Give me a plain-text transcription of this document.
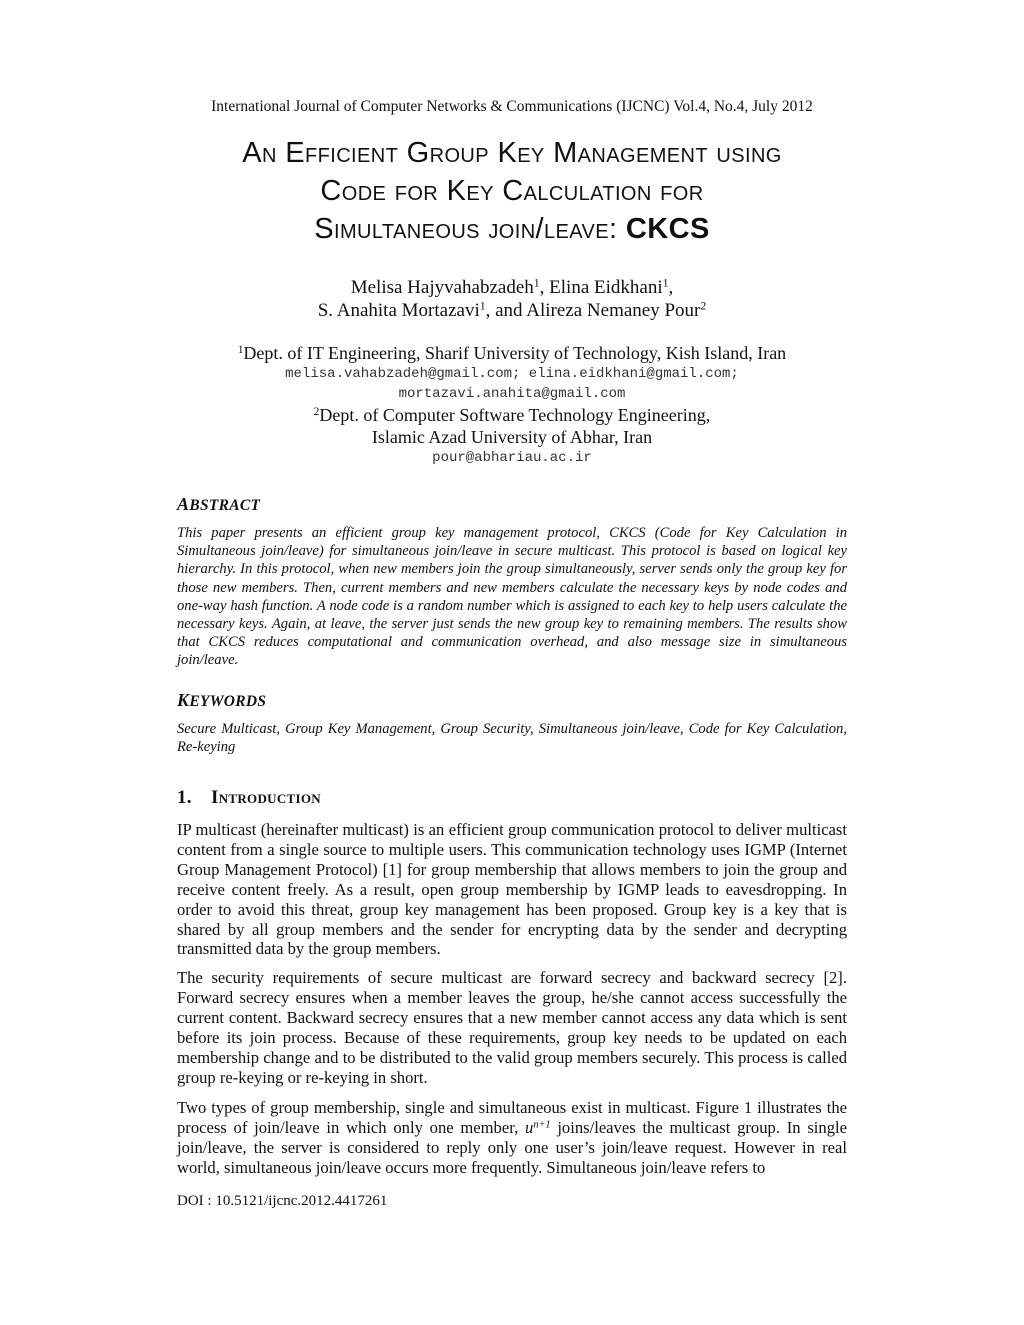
International Journal of Computer Networks & Communications (IJCNC) Vol.4, No.4, July 2012
An Efficient Group Key Management using
Code for Key Calculation for
Simultaneous join/leave: CKCS
Melisa Hajyvahabzadeh$^1$, Elina Eidkhani$^1$,
S. Anahita Mortazavi$^1$, and Alireza Nemaney Pour$^2$
$^1$Dept. of IT Engineering, Sharif University of Technology, Kish Island, Iran
melisa.vahabzadeh@gmail.com; elina.eidkhani@gmail.com;
mortazavi.anahita@gmail.com
$^2$Dept. of Computer Software Technology Engineering,
Islamic Azad University of Abhar, Iran
pour@abhariau.ac.ir
ABSTRACT
This paper presents an efficient group key management protocol, CKCS (Code for Key Calculation in Simultaneous join/leave) for simultaneous join/leave in secure multicast. This protocol is based on logical key hierarchy. In this protocol, when new members join the group simultaneously, server sends only the group key for those new members. Then, current members and new members calculate the necessary keys by node codes and one-way hash function. A node code is a random number which is assigned to each key to help users calculate the necessary keys. Again, at leave, the server just sends the new group key to remaining members. The results show that CKCS reduces computational and communication overhead, and also message size in simultaneous join/leave.
KEYWORDS
Secure Multicast, Group Key Management, Group Security, Simultaneous join/leave, Code for Key Calculation, Re-keying
1. Introduction
IP multicast (hereinafter multicast) is an efficient group communication protocol to deliver multicast content from a single source to multiple users. This communication technology uses IGMP (Internet Group Management Protocol) [1] for group membership that allows members to join the group and receive content freely. As a result, open group membership by IGMP leads to eavesdropping. In order to avoid this threat, group key management has been proposed. Group key is a key that is shared by all group members and the sender for encrypting data by the sender and decrypting transmitted data by the group members.
The security requirements of secure multicast are forward secrecy and backward secrecy [2]. Forward secrecy ensures when a member leaves the group, he/she cannot access successfully the current content. Backward secrecy ensures that a new member cannot access any data which is sent before its join process. Because of these requirements, group key needs to be updated on each membership change and to be distributed to the valid group members securely. This process is called group re-keying or re-keying in short.
Two types of group membership, single and simultaneous exist in multicast. Figure 1 illustrates the process of join/leave in which only one member, $u^{n+1}$ joins/leaves the multicast group. In single join/leave, the server is considered to reply only one user’s join/leave request. However in real world, simultaneous join/leave occurs more frequently. Simultaneous join/leave refers to
DOI : 10.5121/ijcnc.2012.4417261
